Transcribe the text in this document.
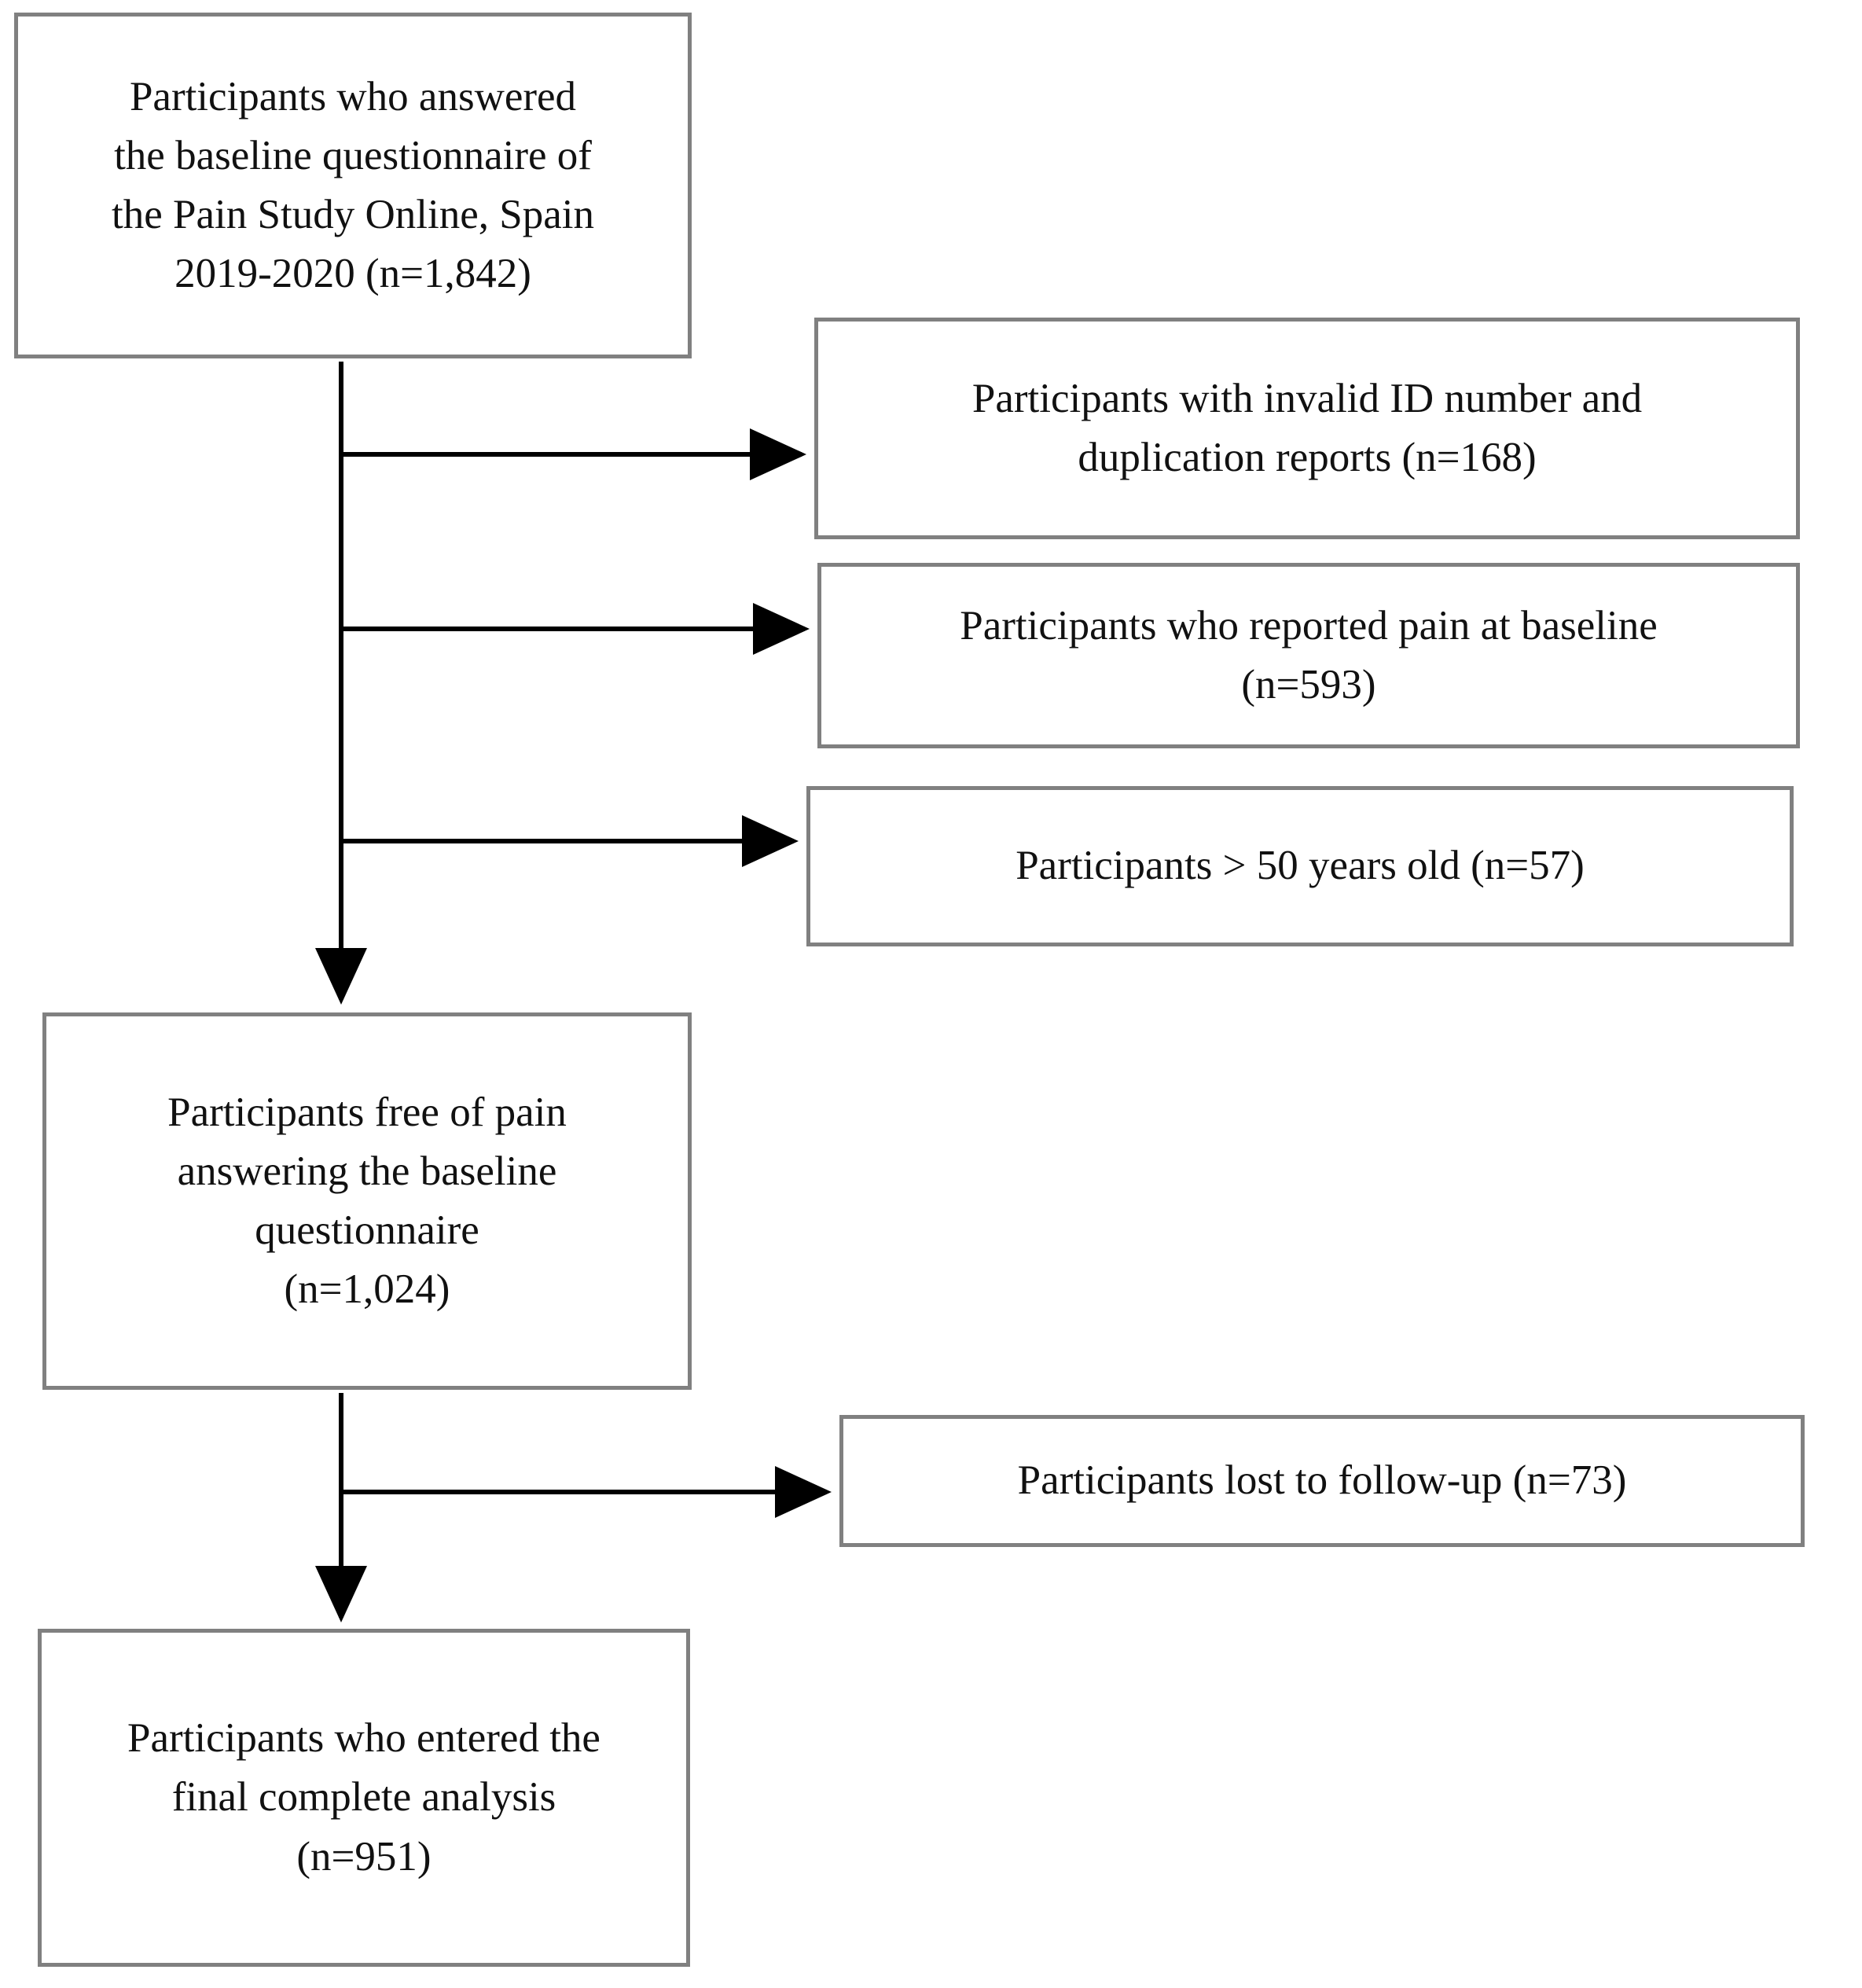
Participants who answered
the baseline questionnaire of
the Pain Study Online, Spain
2019-2020 (n=1,842)
Participants with invalid ID number and
duplication reports (n=168)
Participants who reported pain at baseline
(n=593)
Participants > 50 years old (n=57)
Participants free of pain
answering the baseline
questionnaire
(n=1,024)
Participants lost to follow-up (n=73)
Participants who entered the
final complete analysis
(n=951)
